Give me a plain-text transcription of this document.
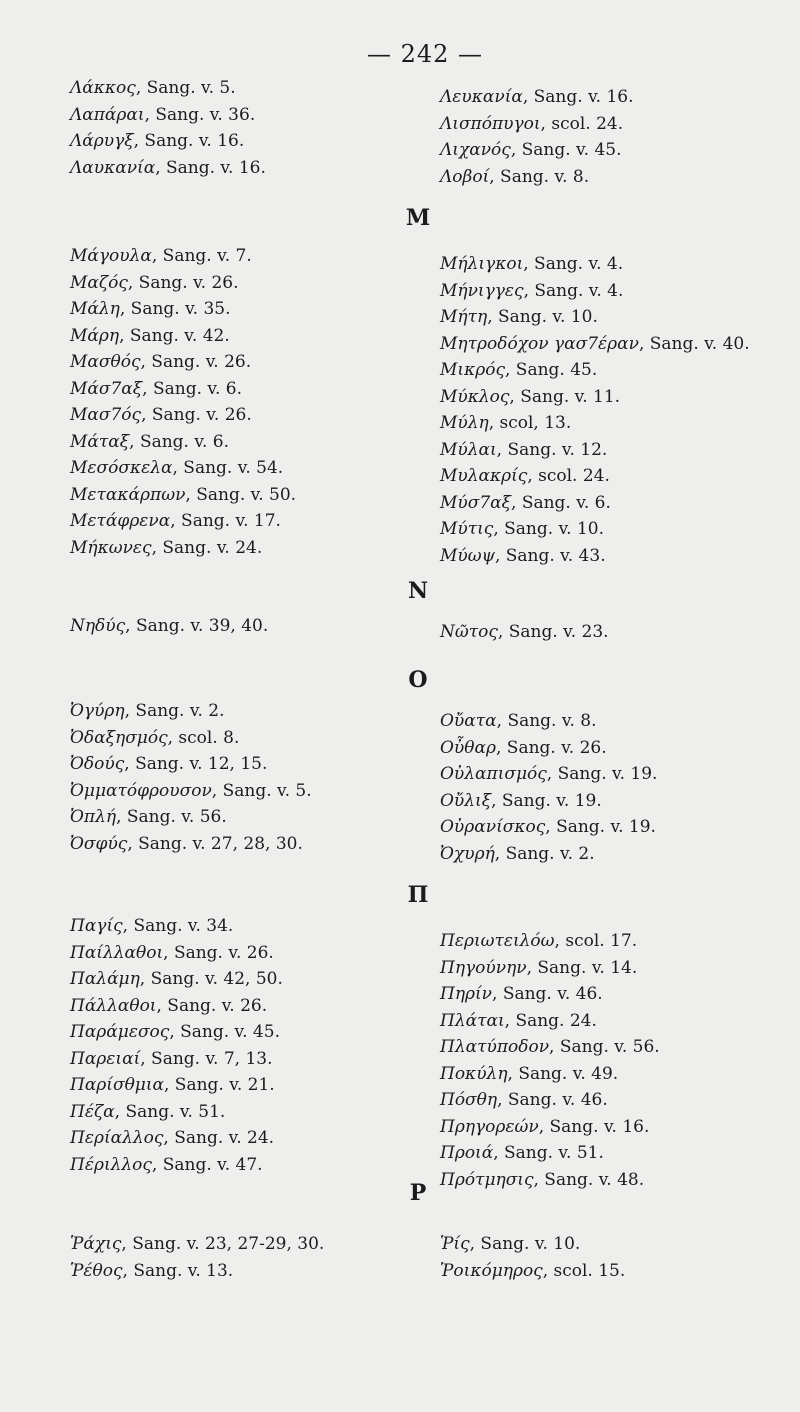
— 242 —
Λάκκος, Sang. v. 5.
Λαπάραι, Sang. v. 36.
Λάρυγξ, Sang. v. 16.
Λαυκανία, Sang. v. 16.
Μάγουλα, Sang. v. 7.
Μαζός, Sang. v. 26.
Μάλη, Sang. v. 35.
Μάρη, Sang. v. 42.
Μασθός, Sang. v. 26.
Μάσ7αξ, Sang. v. 6.
Μασ7ός, Sang. v. 26.
Μάταξ, Sang. v. 6.
Μεσόσκελα, Sang. v. 54.
Μετακάρπων, Sang. v. 50.
Μετάφρενα, Sang. v. 17.
Μήκωνες, Sang. v. 24.
Νηδύς, Sang. v. 39, 40.
Ὀγύρη, Sang. v. 2.
Ὀδαξησμός, scol. 8.
Ὀδούς, Sang. v. 12, 15.
Ὀμματόφρουσον, Sang. v. 5.
Ὀπλή, Sang. v. 56.
Ὀσφύς, Sang. v. 27, 28, 30.
Παγίς, Sang. v. 34.
Παίλλαθοι, Sang. v. 26.
Παλάμη, Sang. v. 42, 50.
Πάλλαθοι, Sang. v. 26.
Παράμεσος, Sang. v. 45.
Παρειαί, Sang. v. 7, 13.
Παρίσθμια, Sang. v. 21.
Πέζα, Sang. v. 51.
Περίαλλος, Sang. v. 24.
Πέριλλος, Sang. v. 47.
Ῥάχις, Sang. v. 23, 27-29, 30.
Ῥέθος, Sang. v. 13.
Λευκανία, Sang. v. 16.
Λισπόπυγοι, scol. 24.
Λιχανός, Sang. v. 45.
Λοβοί, Sang. v. 8.
M
Μήλιγκοι, Sang. v. 4.
Μήνιγγες, Sang. v. 4.
Μήτη, Sang. v. 10.
Μητροδόχον γασ7έραν, Sang. v. 40.
Μικρός, Sang. 45.
Μύκλος, Sang. v. 11.
Μύλη, scol, 13.
Μύλαι, Sang. v. 12.
Μυλακρίς, scol. 24.
Μύσ7αξ, Sang. v. 6.
Μύτις, Sang. v. 10.
Μύωψ, Sang. v. 43.
N
Νῶτος, Sang. v. 23.
O
Οὔατα, Sang. v. 8.
Οὖθαρ, Sang. v. 26.
Οὐλαπισμός, Sang. v. 19.
Οὔλιξ, Sang. v. 19.
Οὐρανίσκος, Sang. v. 19.
Ὀχυρή, Sang. v. 2.
Π
Περιωτειλόω, scol. 17.
Πηγούνην, Sang. v. 14.
Πηρίν, Sang. v. 46.
Πλάται, Sang. 24.
Πλατύποδον, Sang. v. 56.
Ποκύλη, Sang. v. 49.
Πόσθη, Sang. v. 46.
Πρηγορεών, Sang. v. 16.
Προιά, Sang. v. 51.
Πρότμησις, Sang. v. 48.
P
Ῥίς, Sang. v. 10.
Ῥοικόμηρος, scol. 15.
